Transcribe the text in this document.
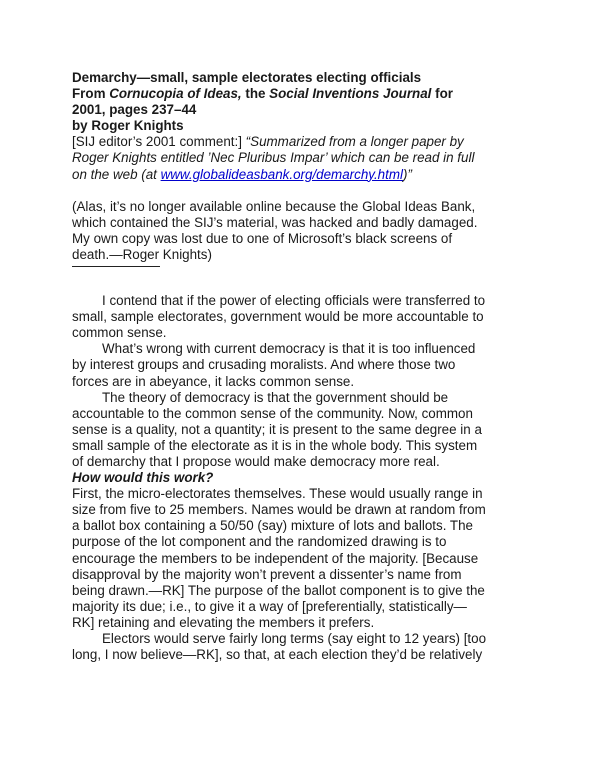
Demarchy—small, sample electorates electing officials
From Cornucopia of Ideas, the Social Inventions Journal for
2001, pages 237–44
by Roger Knights
[SIJ editor’s 2001 comment:] “Summarized from a longer paper by
Roger Knights entitled ’Nec Pluribus Impar’ which can be read in full
on the web (at www.globalideasbank.org/demarchy.html)”
(Alas, it’s no longer available online because the Global Ideas Bank,
which contained the SIJ’s material, was hacked and badly damaged.
My own copy was lost due to one of Microsoft’s black screens of
death.—Roger Knights)
I contend that if the power of electing officials were transferred to
small, sample electorates, government would be more accountable to
common sense.
What’s wrong with current democracy is that it is too influenced
by interest groups and crusading moralists. And where those two
forces are in abeyance, it lacks common sense.
The theory of democracy is that the government should be
accountable to the common sense of the community. Now, common
sense is a quality, not a quantity; it is present to the same degree in a
small sample of the electorate as it is in the whole body. This system
of demarchy that I propose would make democracy more real.
How would this work?
First, the micro-electorates themselves. These would usually range in
size from five to 25 members. Names would be drawn at random from
a ballot box containing a 50/50 (say) mixture of lots and ballots. The
purpose of the lot component and the randomized drawing is to
encourage the members to be independent of the majority. [Because
disapproval by the majority won’t prevent a dissenter’s name from
being drawn.—RK] The purpose of the ballot component is to give the
majority its due; i.e., to give it a way of [preferentially, statistically—
RK] retaining and elevating the members it prefers.
Electors would serve fairly long terms (say eight to 12 years) [too
long, I now believe—RK], so that, at each election they’d be relatively
